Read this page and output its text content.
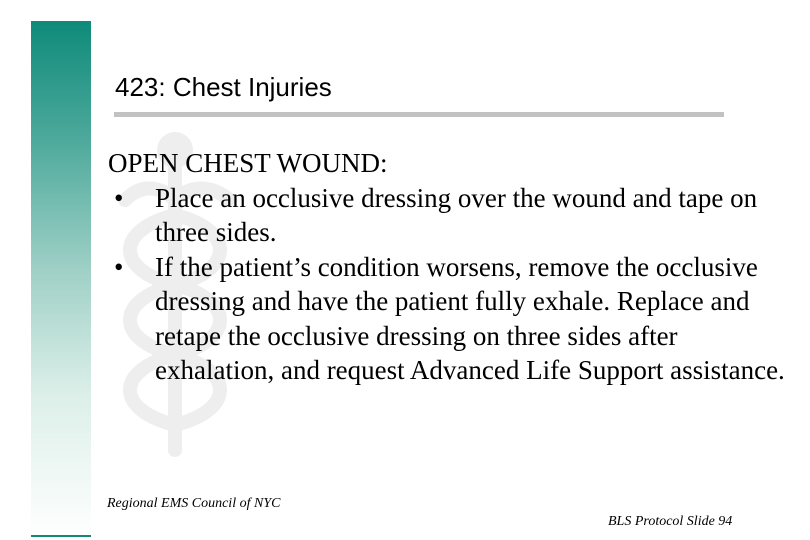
423: Chest Injuries
OPEN CHEST WOUND:
•	Place an occlusive dressing over the wound and tape on three sides.
•	If the patient’s condition worsens, remove the occlusive dressing and have the patient fully exhale. Replace and retape the occlusive dressing on three sides after exhalation, and request Advanced Life Support assistance.
Regional EMS Council of NYC
BLS Protocol Slide 94
